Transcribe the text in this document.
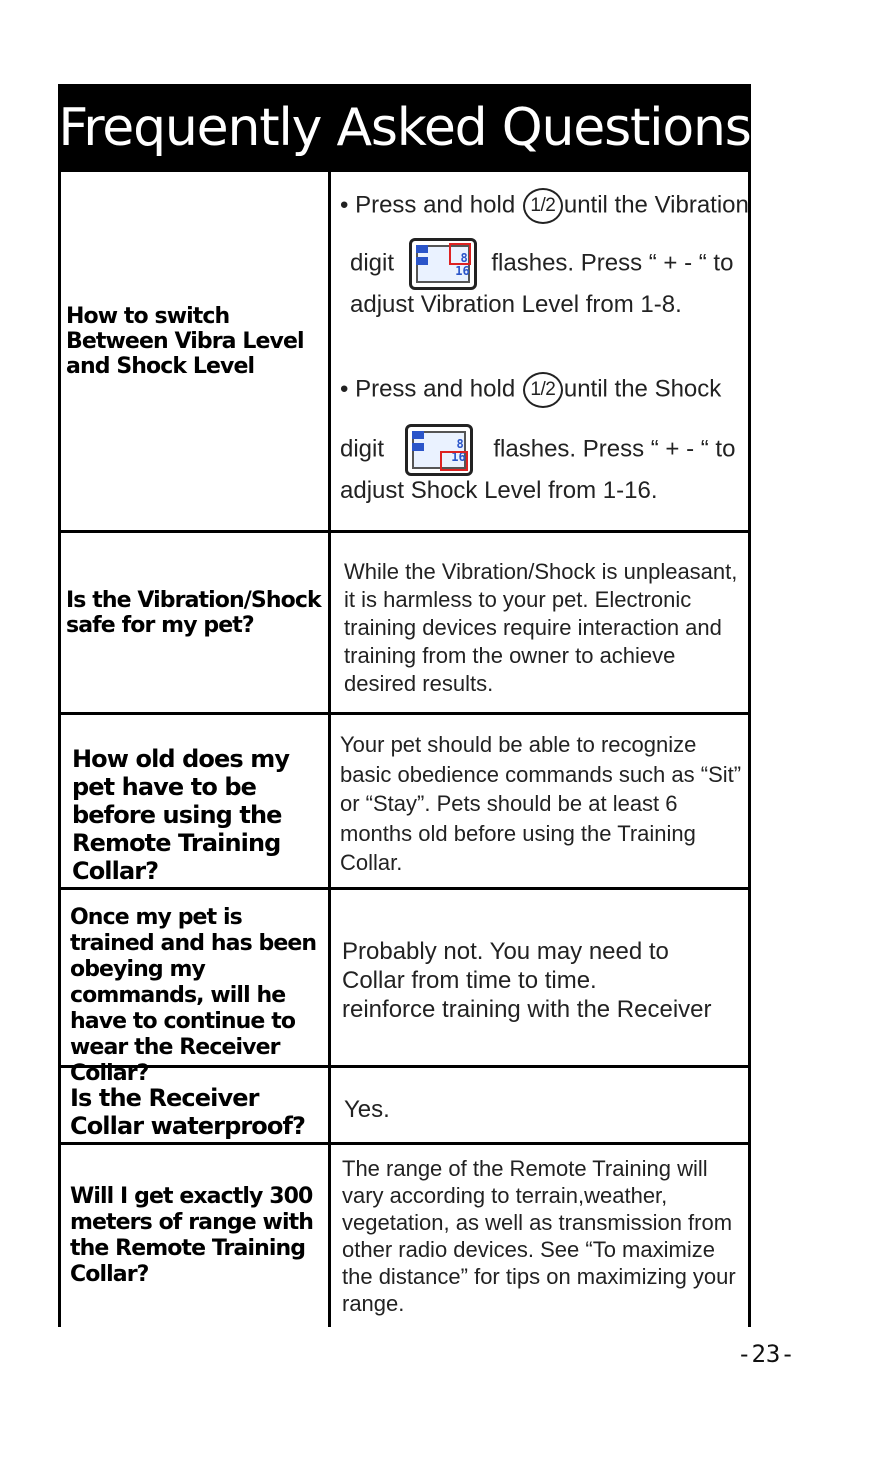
Frequently Asked Questions
How to switch Between Vibra Level and Shock Level
• Press and hold 1/2 until the Vibration
digit	8
16 flashes. Press “ + - “ to
adjust Vibration Level from 1-8.
• Press and hold 1/2 until the Shock
digit	8
16 flashes. Press “ + - “ to
adjust Shock Level from 1-16.
Is the Vibration/Shock safe for my pet?
While the Vibration/Shock is unpleasant, it is harmless to your pet. Electronic training devices require interaction and training from the owner to achieve desired results.
How old does my pet have to be before using the Remote Training Collar?
Your pet should be able to recognize basic obedience commands such as “Sit” or “Stay”. Pets should be at least 6 months old before using the Training Collar.
Once my pet is trained and has been obeying my commands, will he have to continue to wear the Receiver Collar?
Probably not. You may need to
Collar from time to time.
reinforce training with the Receiver
Is the Receiver Collar waterproof?
Yes.
Will I get exactly 300 meters of range with the Remote Training Collar?
The range of the Remote Training will vary according to terrain,weather, vegetation, as well as transmission from other radio devices. See “To maximize the distance” for tips on maximizing your range.
-23-
